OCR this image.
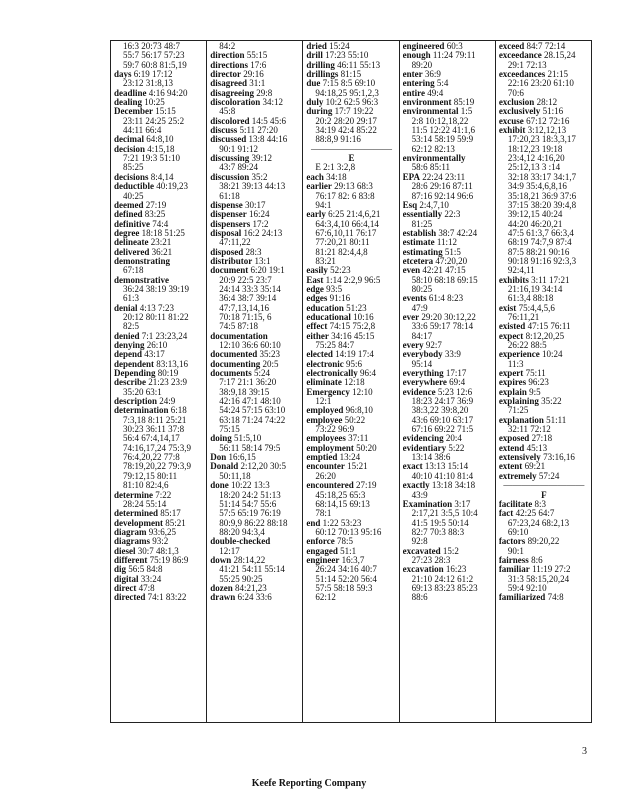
16:3 20:73 48:7
55:7 56:17 57:23
59:7 60:8 81:5,19
days 6:19 17:12
23:12 31:8,13
deadline 4:16 94:20
dealing 10:25
December 15:15
23:11 24:25 25:2
44:11 66:4
decimal 64:8,10
decision 4:15,18
7:21 19:3 51:10
85:25
decisions 8:4,14
deductible 40:19,23
40:25
deemed 27:19
defined 83:25
definitive 74:4
degree 18:18 51:25
delineate 23:21
delivered 36:21
demonstrating
67:18
demonstrative
36:24 38:19 39:19
61:3
denial 4:13 7:23
20:12 80:11 81:22
82:5
denied 7:1 23:23,24
denying 26:10
depend 43:17
dependent 83:13,16
Depending 80:19
describe 21:23 23:9
35:20 63:1
description 24:9
determination 6:18
7:3,18 8:11 25:21
30:23 36:11 37:8
56:4 67:4,14,17
74:16,17,24 75:3,9
76:4,20,22 77:8
78:19,20,22 79:3,9
79:12,15 80:11
81:10 82:4,6
determine 7:22
28:24 55:14
determined 85:17
development 85:21
diagram 93:6,25
diagrams 93:2
diesel 30:7 48:1,3
different 75:19 86:9
dig 56:5 84:8
digital 33:24
direct 47:8
directed 74:1 83:22
84:2
direction 55:15
directions 17:6
director 29:16
disagreed 31:1
disagreeing 29:8
discoloration 34:12
45:8
discolored 14:5 45:6
discuss 5:11 27:20
discussed 13:8 44:16
90:1 91:12
discussing 39:12
43:7 89:24
discussion 35:2
38:21 39:13 44:13
61:18
dispense 30:17
dispenser 16:24
dispensers 17:2
disposal 16:2 24:13
47:11,22
disposed 28:3
distributor 13:1
document 6:20 19:1
20:9 22:5 23:7
24:14 33:3 35:14
36:4 38:7 39:14
47:7,13,14,16
70:18 71:15, 6
74:5 87:18
documentation
12:10 36:6 60:10
documented 35:23
documenting 20:5
documents 5:24
7:17 21:1 36:20
38:9,18 39:15
42:16 47:1 48:10
54:24 57:15 63:10
63:18 71:24 74:22
75:15
doing 51:5,10
56:11 58:14 79:5
Don 16:6,15
Donald 2:12,20 30:5
50:11,18
done 10:22 13:3
18:20 24:2 51:13
51:14 54:7 55:6
57:5 65:19 76:19
80:9,9 86:22 88:18
88:20 94:3,4
double-checked
12:17
down 28:14,22
41:21 54:11 55:14
55:25 90:25
dozen 84:21,23
drawn 6:24 33:6
dried 15:24
drill 17:23 55:10
drilling 46:11 55:13
drillings 81:15
due 7:15 8:5 69:10
94:18,25 95:1,2,3
duly 10:2 62:5 96:3
during 17:7 19:22
20:2 28:20 29:17
34:19 42:4 85:22
88:8,9 91:16
—————————
E
E 2:1 3:2,8
each 34:18
earlier 29:13 68:3
76:17 82: 6 83:8
94:1
early 6:25 21:4,6,21
64:3,4,10 66:4,14
67:6,10,11 76:17
77:20,21 80:11
81:21 82:4,4,8
83:21
easily 52:23
East 1:14 2:2,9 96:5
edge 93:5
edges 91:16
education 51:23
educational 10:16
effect 74:15 75:2,8
either 34:16 45:15
75:25 84:7
elected 14:19 17:4
electronic 95:6
electronically 96:4
eliminate 12:18
Emergency 12:10
12:1
employed 96:8,10
employee 50:22
73:22 96:9
employees 37:11
employment 50:20
emptied 13:24
encounter 15:21
26:20
encountered 27:19
45:18,25 65:3
68:14,15 69:13
78:1
end 1:22 53:23
60:12 70:13 95:16
enforce 78:5
engaged 51:1
engineer 16:3,7
26:24 34:16 40:7
51:14 52:20 56:4
57:5 58:18 59:3
62:12
engineered 60:3
enough 11:24 79:11
89:20
enter 36:9
entering 5:4
entire 49:4
environment 85:19
environmental 1:5
2:8 10:12,18,22
11:5 12:22 41:1,6
53:14 58:19 59:9
62:12 82:13
environmentally
58:6 85:11
EPA 22:24 23:11
28:6 29:16 87:11
87:16 92:14 96:6
Esq 2:4,7,10
essentially 22:3
81:25
establish 38:7 42:24
estimate 11:12
estimating 51:5
etcetera 47:20,20
even 42:21 47:15
58:10 68:18 69:15
80:25
events 61:4 8:23
47:9
ever 29:20 30:12,22
33:6 59:17 78:14
84:17
every 92:7
everybody 33:9
95:14
everything 17:17
everywhere 69:4
evidence 5:23 12:6
18:23 24:17 36:9
38:3,22 39:8,20
43:6 69:10 63:17
67:16 69:22 71:5
evidencing 20:4
evidentiary 5:22
13:14 38:6
exact 13:13 15:14
40:10 41:10 81:4
exactly 13:18 34:18
43:9
Examination 3:17
2:17,21 3:5,5 10:4
41:5 19:5 50:14
82:7 70:3 88:3
92:8
excavated 15:2
27:23 28:3
excavation 16:23
21:10 24:12 61:2
69:13 83:23 85:23
88:6
exceed 84:7 72:14
exceedance 28.15,24
29:1 72:13
exceedances 21:15
22:16 23:20 61:10
70:6
exclusion 28:12
exclusively 51:16
excuse 67:12 72:16
exhibit 3:12,12,13
17:20,23 18:3,3,17
18:12,23 19:18
23:4,12 4:16,20
25:12,13 3 :14
32:18 33:17 34:1,7
34:9 35:4,6,8,16
35:18,21 36:9 37:6
37:15 38:20 39:4,8
39:12,15 40:24
44:20 46:20,21
47:5 61:3,7 66:3,4
68:19 74:7,9 87:4
87:5 88:21 90:16
90:18 91:16 92:3,3
92:4,11
exhibits 3:11 17:21
21:16,19 34:14
61:3,4 88:18
exist 75:4,4,5,6
76:11,21
existed 47:15 76:11
expect 8:12,20,25
26:22 88:5
experience 10:24
11:3
expert 75:11
expires 96:23
explain 9:5
explaining 35:22
71:25
explanation 51:11
32:11 72:12
exposed 27:18
extend 45:13
extensively 73:16,16
extent 69:21
extremely 57:24
—————————
F
facilitate 8:3
fact 42:25 64:7
67:23,24 68:2,13
69:10
factors 89:20,22
90:1
fairness 8:6
familiar 11:19 27:2
31:3 58:15,20,24
59:4 92:10
familiarized 74:8
3
Keefe Reporting Company
